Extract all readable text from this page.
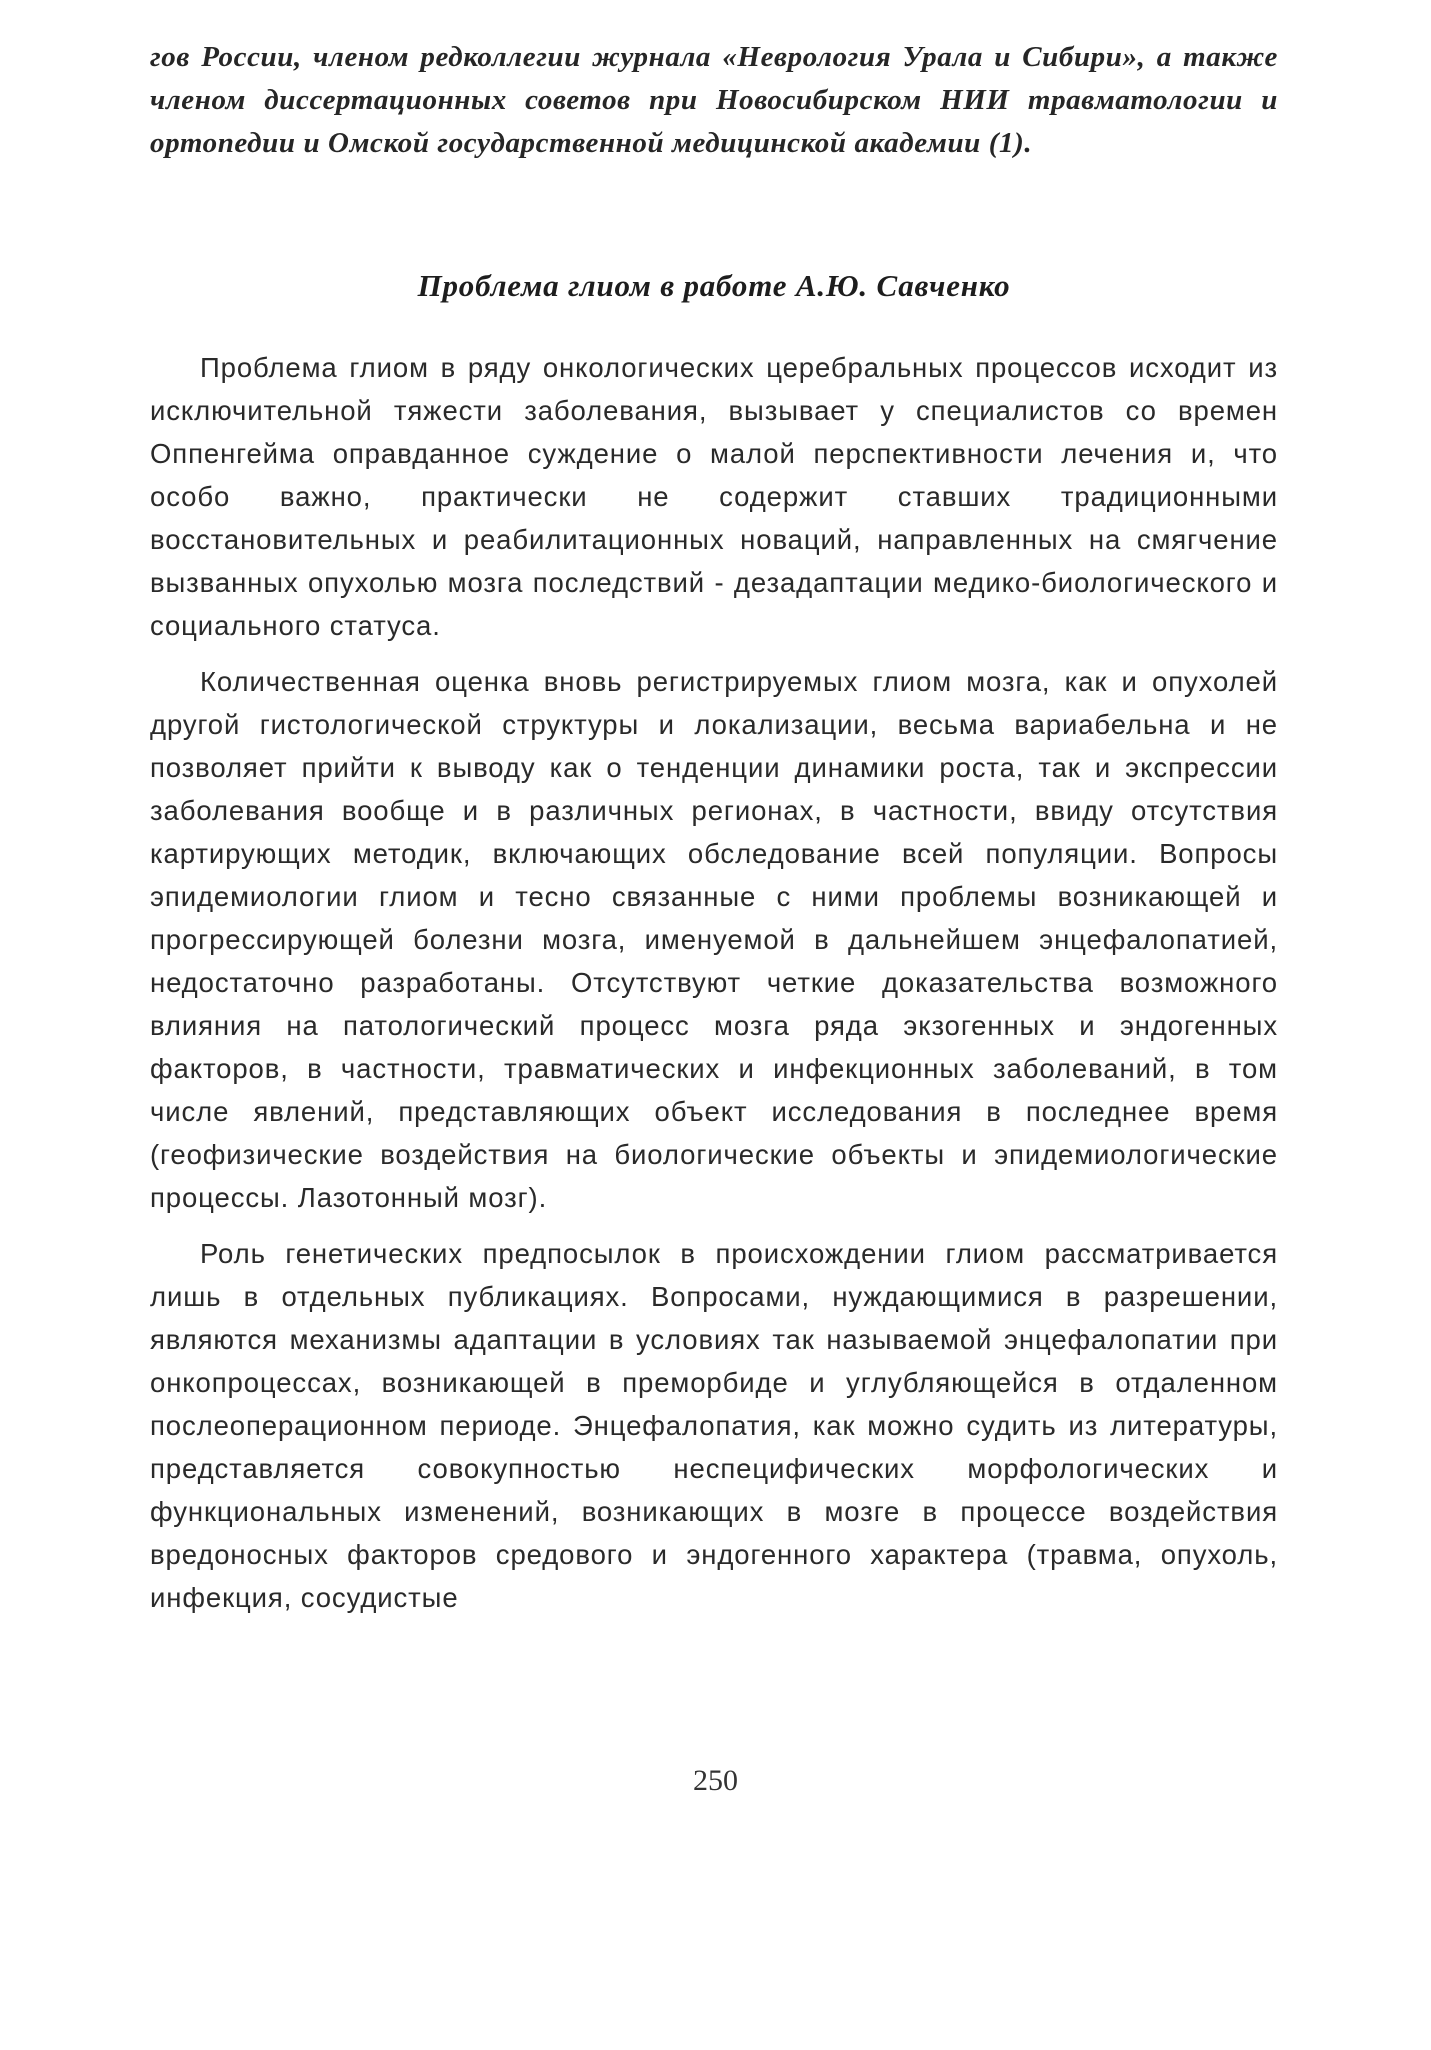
гов России, членом редколлегии журнала «Неврология Урала и Сибири», а также членом диссертационных советов при Новосибирском НИИ травматологии и ортопедии и Омской государственной медицинской академии (1).
Проблема глиом в работе А.Ю. Савченко

Проблема глиом в ряду онкологических церебральных процессов исходит из исключительной тяжести заболевания, вызывает у специалистов со времен Оппенгейма оправданное суждение о малой перспективности лечения и, что особо важно, практически не содержит ставших традиционными восстановительных и реабилитационных новаций, направленных на смягчение вызванных опухолью мозга последствий - дезадаптации медико-биологического и социального статуса.

Количественная оценка вновь регистрируемых глиом мозга, как и опухолей другой гистологической структуры и локализации, весьма вариабельна и не позволяет прийти к выводу как о тенденции динамики роста, так и экспрессии заболевания вообще и в различных регионах, в частности, ввиду отсутствия картирующих методик, включающих обследование всей популяции. Вопросы эпидемиологии глиом и тесно связанные с ними проблемы возникающей и прогрессирующей болезни мозга, именуемой в дальнейшем энцефалопатией, недостаточно разработаны. Отсутствуют четкие доказательства возможного влияния на патологический процесс мозга ряда экзогенных и эндогенных факторов, в частности, травматических и инфекционных заболеваний, в том числе явлений, представляющих объект исследования в последнее время (геофизические воздействия на биологические объекты и эпидемиологические процессы. Лазотонный мозг).

Роль генетических предпосылок в происхождении глиом рассматривается лишь в отдельных публикациях. Вопросами, нуждающимися в разрешении, являются механизмы адаптации в условиях так называемой энцефалопатии при онкопроцессах, возникающей в преморбиде и углубляющейся в отдаленном послеоперационном периоде. Энцефалопатия, как можно судить из литературы, представляется совокупностью неспецифических морфологических и функциональных изменений, возникающих в мозге в процессе воздействия вредоносных факторов средового и эндогенного характера (травма, опухоль, инфекция, сосудистые

250
